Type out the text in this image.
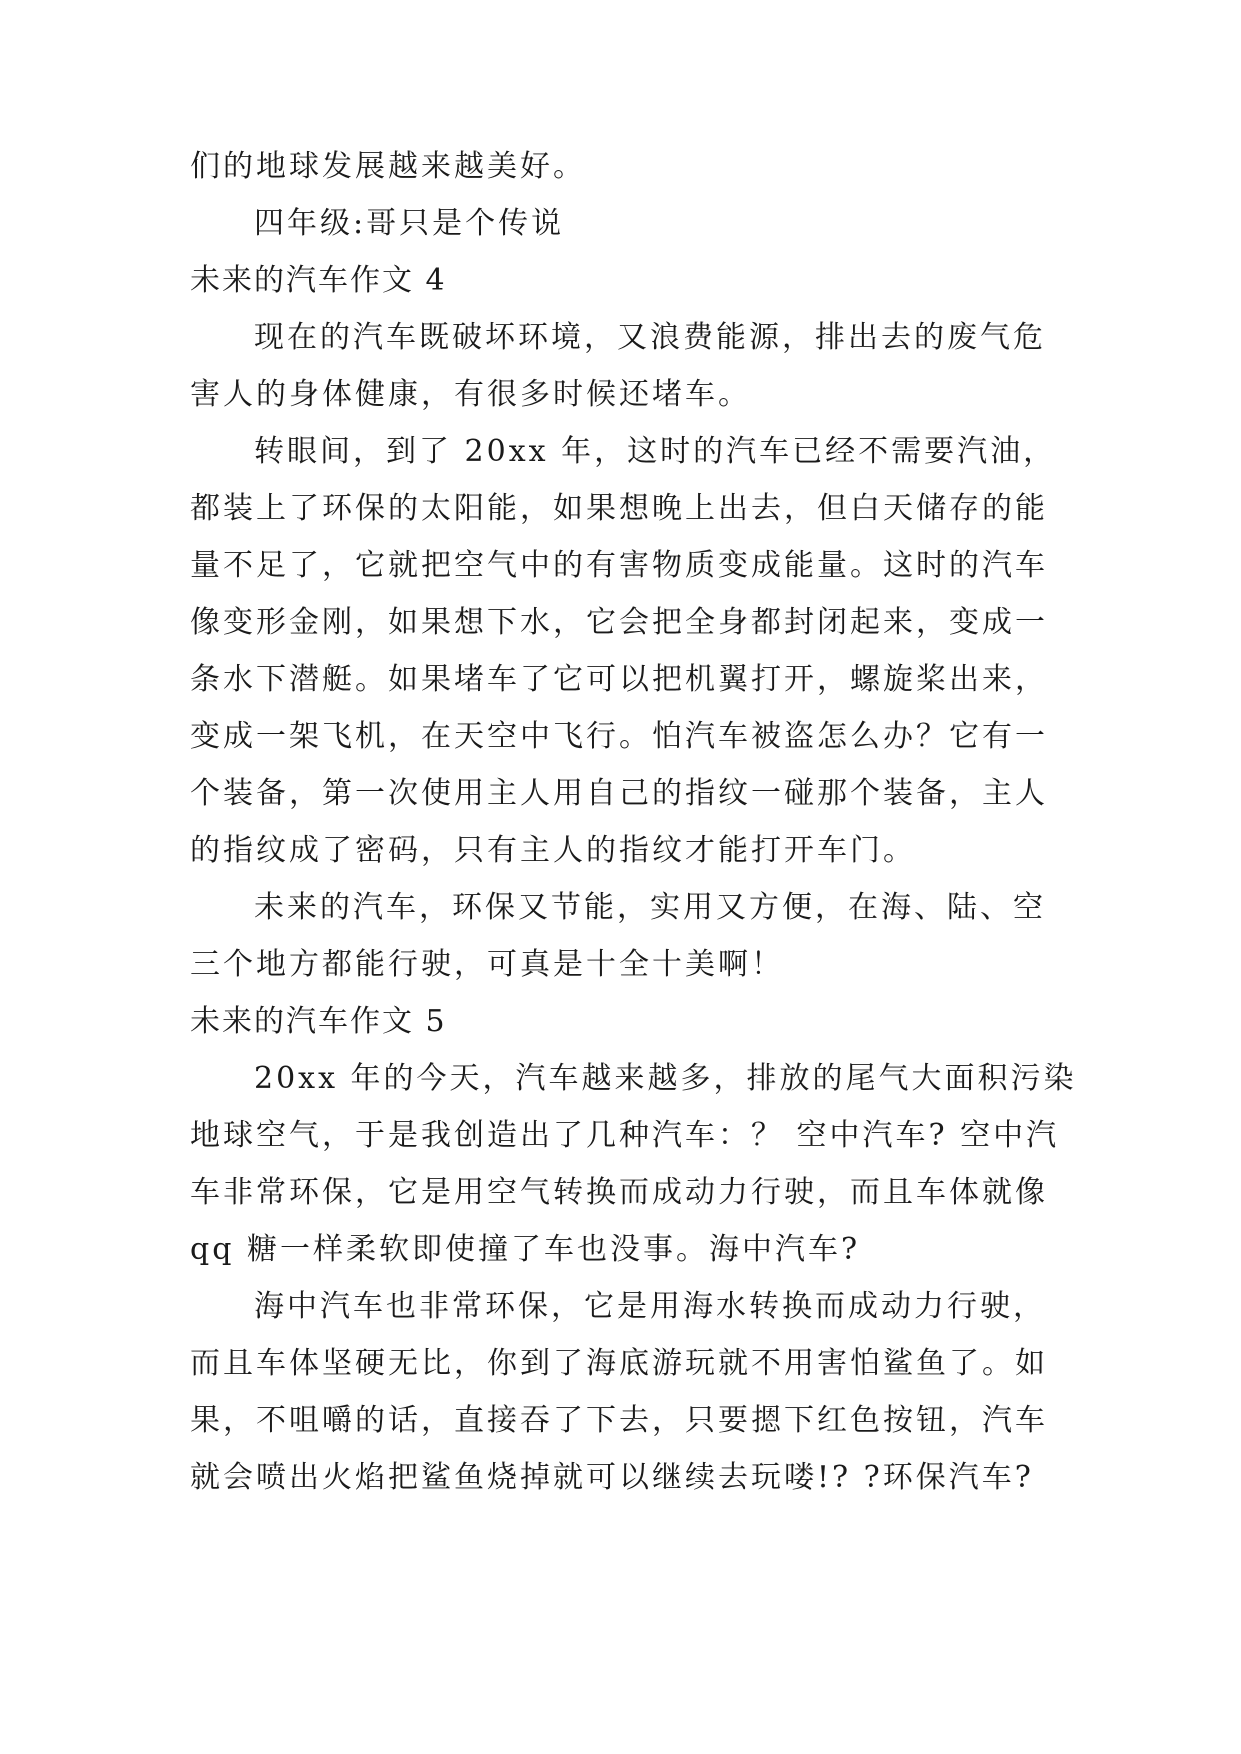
们的地球发展越来越美好。

四年级:哥只是个传说

未来的汽车作文 4

现在的汽车既破坏环境，又浪费能源，排出去的废气危

害人的身体健康，有很多时候还堵车。

转眼间，到了 20xx 年，这时的汽车已经不需要汽油，

都装上了环保的太阳能，如果想晚上出去，但白天储存的能

量不足了，它就把空气中的有害物质变成能量。这时的汽车

像变形金刚，如果想下水，它会把全身都封闭起来，变成一

条水下潜艇。如果堵车了它可以把机翼打开，螺旋桨出来，

变成一架飞机，在天空中飞行。怕汽车被盗怎么办？它有一

个装备，第一次使用主人用自己的指纹一碰那个装备，主人

的指纹成了密码，只有主人的指纹才能打开车门。

未来的汽车，环保又节能，实用又方便，在海、陆、空

三个地方都能行驶，可真是十全十美啊！

未来的汽车作文 5

20xx 年的今天，汽车越来越多，排放的尾气大面积污染

地球空气，于是我创造出了几种汽车：？ 空中汽车? 空中汽

车非常环保，它是用空气转换而成动力行驶，而且车体就像

qq 糖一样柔软即使撞了车也没事。海中汽车?

海中汽车也非常环保，它是用海水转换而成动力行驶，

而且车体坚硬无比，你到了海底游玩就不用害怕鲨鱼了。如

果，不咀嚼的话，直接吞了下去，只要摁下红色按钮，汽车

就会喷出火焰把鲨鱼烧掉就可以继续去玩喽!? ?环保汽车?
